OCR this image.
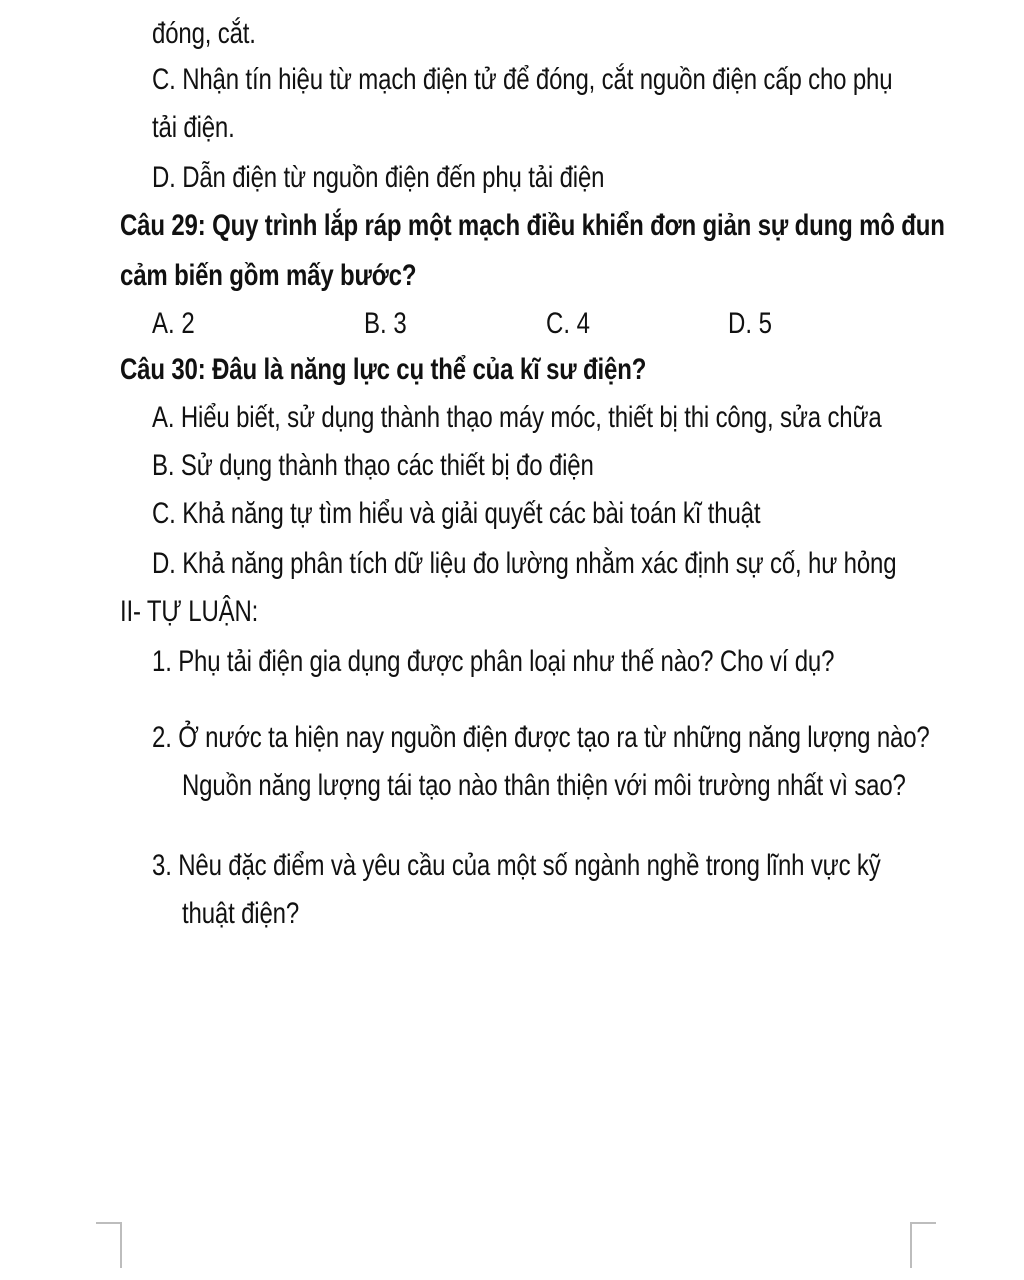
đóng, cắt.
C. Nhận tín hiệu từ mạch điện tử để đóng, cắt nguồn điện cấp cho phụ
tải điện.
D. Dẫn điện từ nguồn điện đến phụ tải điện
Câu 29: Quy trình lắp ráp một mạch điều khiển đơn giản sự dung mô đun
cảm biến gồm mấy bước?
A. 2	B. 3	C. 4	D. 5
Câu 30: Đâu là năng lực cụ thể của kĩ sư điện?
A. Hiểu biết, sử dụng thành thạo máy móc, thiết bị thi công, sửa chữa
B. Sử dụng thành thạo các thiết bị đo điện
C. Khả năng tự tìm hiểu và giải quyết các bài toán kĩ thuật
D. Khả năng phân tích dữ liệu đo lường nhằm xác định sự cố, hư hỏng
II- TỰ LUẬN:
1. Phụ tải điện gia dụng được phân loại như thế nào? Cho ví dụ?
2. Ở nước ta hiện nay nguồn điện được tạo ra từ những năng lượng nào?
Nguồn năng lượng tái tạo nào thân thiện với môi trường nhất vì sao?
3. Nêu đặc điểm và yêu cầu của một số ngành nghề trong lĩnh vực kỹ
thuật điện?
